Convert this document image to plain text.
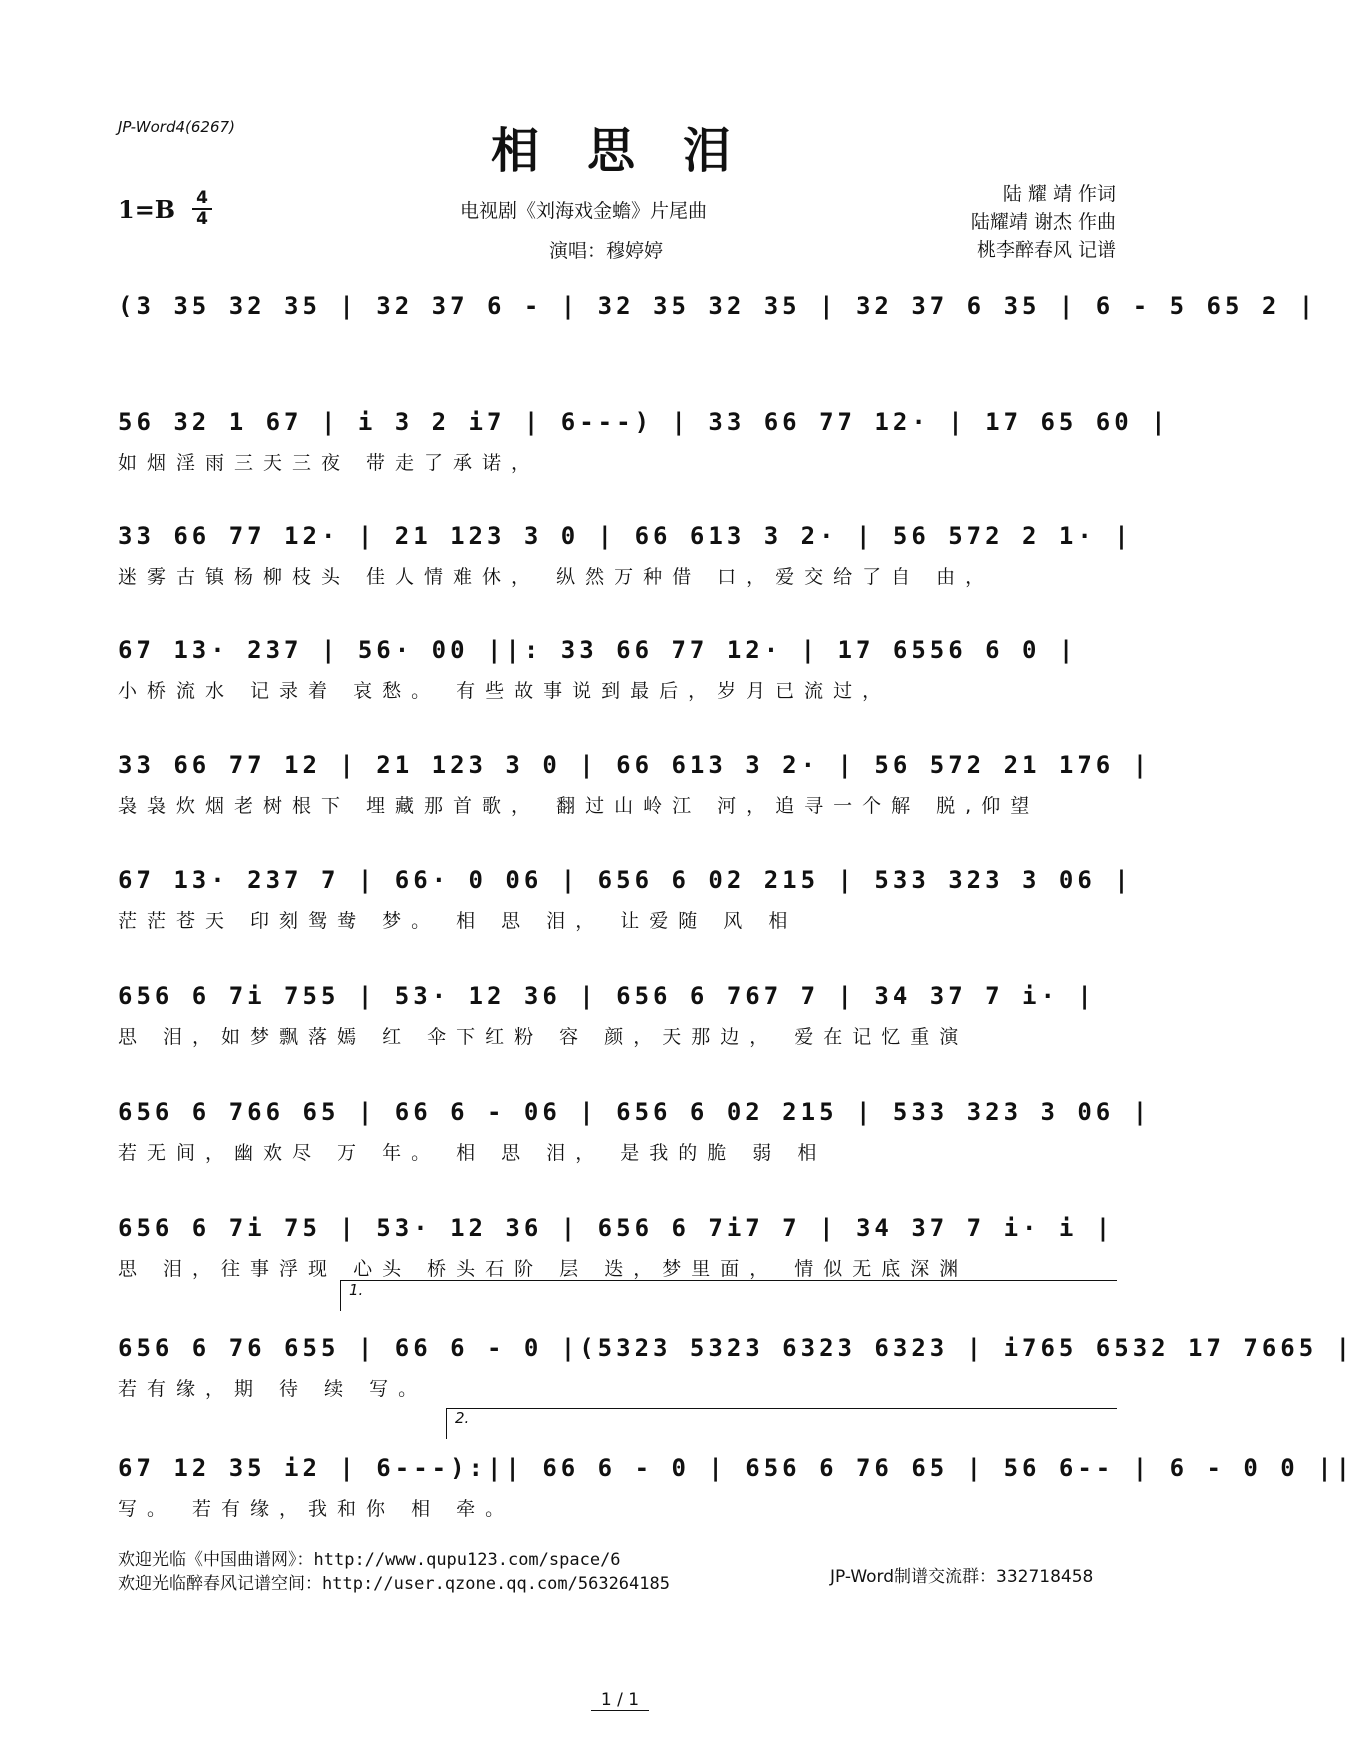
JP-Word4(6267)	相思泪
1=B 4
4	电视剧《刘海戏金蟾》片尾曲
演唱：穆婷婷
陆 耀 靖 作词
陆耀靖 谢杰 作曲
桃李醉春风 记谱
(3 35 32 35 | 32 37 6 - | 32 35 32 35 | 32 37 6 35 | 6 - 5 65 2 |
56 32 1 67 | i 3 2 i7 | 6---) | 33 66 77 12· | 17 65 60 |
如烟淫雨三天三夜 带走了承诺，
33 66 77 12· | 21 123 3 0 | 66 613 3 2· | 56 572 2 1· |
迷雾古镇杨柳枝头 佳人情难休， 纵然万种借 口，爱交给了自 由，
67 13· 237 | 56· 00 ||: 33 66 77 12· | 17 6556 6 0 |
小桥流水 记录着 哀愁。 有些故事说到最后，岁月已流过，
33 66 77 12 | 21 123 3 0 | 66 613 3 2· | 56 572 21 176 |
袅袅炊烟老树根下 埋藏那首歌， 翻过山岭江 河，追寻一个解 脱,仰望
67 13· 237 7 | 66· 0 06 | 656 6 02 215 | 533 323 3 06 |
茫茫苍天 印刻鸳鸯 梦。 相 思 泪， 让爱随 风 相
656 6 7i 755 | 53· 12 36 | 656 6 767 7 | 34 37 7 i· |
思 泪，如梦飘落嫣 红 伞下红粉 容 颜，天那边， 爱在记忆重演
656 6 766 65 | 66 6 - 06 | 656 6 02 215 | 533 323 3 06 |
若无间，幽欢尽 万 年。 相 思 泪， 是我的脆 弱 相
656 6 7i 75 | 53· 12 36 | 656 6 7i7 7 | 34 37 7 i· i |
思 泪，往事浮现 心头 桥头石阶 层 迭，梦里面， 情似无底深渊
1.
656 6 76 655 | 66 6 - 0 |(5323 5323 6323 6323 | i765 6532 17 7665 |
若有缘，期 待 续 写。
2.
67 12 35 i2 | 6---):|| 66 6 - 0 | 656 6 76 65 | 56 6-- | 6 - 0 0 ||
写。 若有缘，我和你 相 牵。
欢迎光临《中国曲谱网》：http://www.qupu123.com/space/6
欢迎光临醉春风记谱空间：http://user.qzone.qq.com/563264185	JP-Word制谱交流群：332718458
1 / 1
